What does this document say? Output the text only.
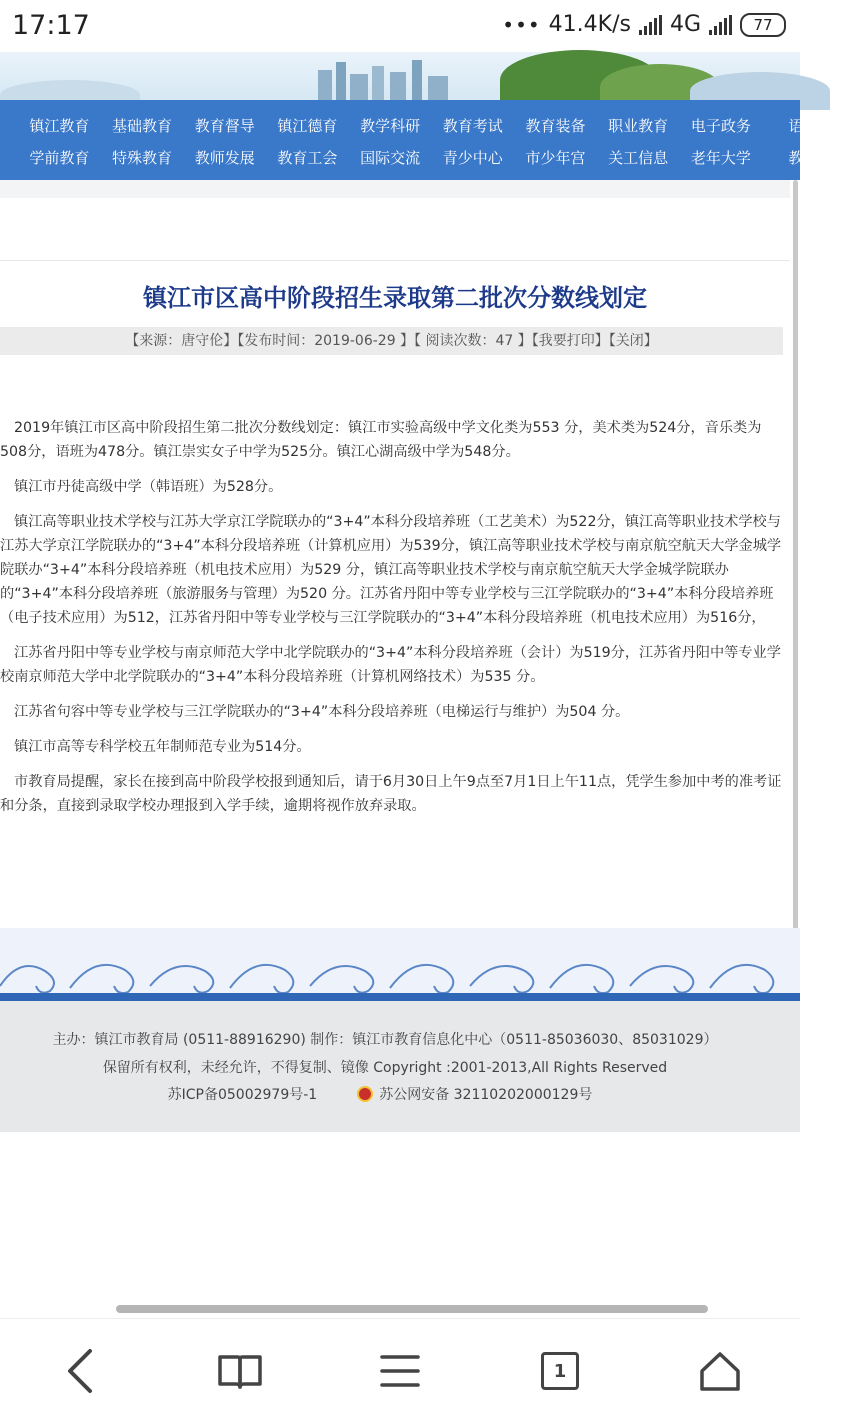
17:17	••• 41.4K/s 4G	77
镇江教育	基础教育	教育督导	镇江德育	教学科研	教育考试	教育装备	职业教育	电子政务	语言
学前教育	特殊教育	教师发展	教育工会	国际交流	青少中心	市少年宫	关工信息	老年大学	教育
镇江市区高中阶段招生录取第二批次分数线划定
【来源：唐守伦】【发布时间：2019-06-29 】【 阅读次数：47 】【我要打印】【关闭】

2019年镇江市区高中阶段招生第二批次分数线划定：镇江市实验高级中学文化类为553 分，美术类为524分，音乐类为508分，语班为478分。镇江崇实女子中学为525分。镇江心湖高级中学为548分。

镇江市丹徒高级中学（韩语班）为528分。

镇江高等职业技术学校与江苏大学京江学院联办的“3+4”本科分段培养班（工艺美术）为522分，镇江高等职业技术学校与江苏大学京江学院联办的“3+4”本科分段培养班（计算机应用）为539分，镇江高等职业技术学校与南京航空航天大学金城学院联办“3+4”本科分段培养班（机电技术应用）为529 分，镇江高等职业技术学校与南京航空航天大学金城学院联办的“3+4”本科分段培养班（旅游服务与管理）为520 分。江苏省丹阳中等专业学校与三江学院联办的“3+4”本科分段培养班（电子技术应用）为512，江苏省丹阳中等专业学校与三江学院联办的“3+4”本科分段培养班（机电技术应用）为516分，

江苏省丹阳中等专业学校与南京师范大学中北学院联办的“3+4”本科分段培养班（会计）为519分，江苏省丹阳中等专业学校南京师范大学中北学院联办的“3+4”本科分段培养班（计算机网络技术）为535 分。

江苏省句容中等专业学校与三江学院联办的“3+4”本科分段培养班（电梯运行与维护）为504 分。

镇江市高等专科学校五年制师范专业为514分。

市教育局提醒，家长在接到高中阶段学校报到通知后，请于6月30日上午9点至7月1日上午11点，凭学生参加中考的准考证和分条，直接到录取学校办理报到入学手续，逾期将视作放弃录取。

主办：镇江市教育局 (0511-88916290) 制作：镇江市教育信息化中心（0511-85036030、85031029）
保留所有权利，未经允许，不得复制、镜像 Copyright :2001-2013,All Rights Reserved
苏ICP备05002979号-1	苏公网安备 32110202000129号
1
